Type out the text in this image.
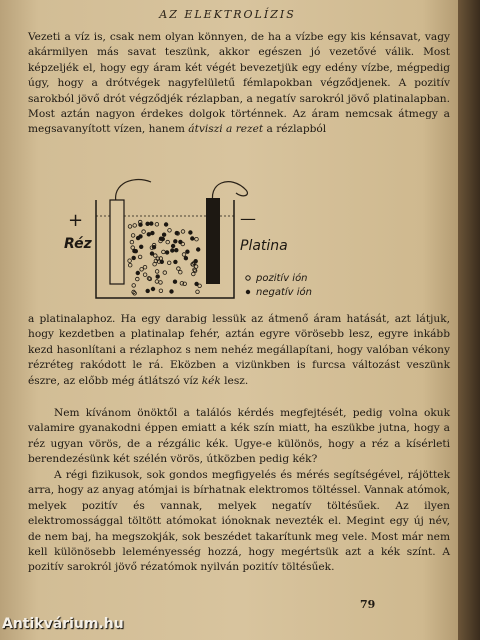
AZ ELEKTROLÍZIS

Vezeti a víz is, csak nem olyan könnyen, de ha a vízbe egy kis kénsavat, vagy akármilyen más savat teszünk, akkor egészen jó vezetővé válik. Most képzeljék el, hogy egy áram két végét bevezetjük egy edény vízbe, mégpedig úgy, hogy a drótvégek nagyfelületű fémlapokban végződjenek. A pozitív sarokból jövő drót végződjék rézlapban, a negatív sarokról jövő platinalapban. Most aztán nagyon érdekes dolgok történnek. Az áram nemcsak átmegy a megsavanyított vízen, hanem átviszi a rezet a rézlapból

+	—
Réz	Platina
pozitív ión
negatív ión

a platinalaphoz. Ha egy darabig lessük az átmenő áram hatását, azt látjuk, hogy kezdetben a platinalap fehér, aztán egyre vörösebb lesz, egyre inkább kezd hasonlítani a rézlaphoz s nem nehéz megállapítani, hogy valóban vékony rézréteg rakódott le rá. Eközben a vizünkben is furcsa változást veszünk észre, az előbb még átlátszó víz kék lesz.

Nem kívánom önöktől a találós kérdés megfejtését, pedig volna okuk valamire gyanakodni éppen emiatt a kék szín miatt, ha eszükbe jutna, hogy a réz ugyan vörös, de a rézgálic kék. Ugye-e különös, hogy a réz a kísérleti berendezésünk két szélén vörös, útközben pedig kék?

A régi fizikusok, sok gondos megfigyelés és mérés segítségével, rájöttek arra, hogy az anyag atómjai is bírhatnak elektromos töltéssel. Vannak atómok, melyek pozitív és vannak, melyek negatív töltésűek. Az ilyen elektromossággal töltött atómokat iónoknak nevezték el. Megint egy új név, de nem baj, ha megszokják, sok beszédet takarítunk meg vele. Most már nem kell különösebb leleményesség hozzá, hogy megértsük azt a kék színt. A pozitív sarokról jövő rézatómok nyilván pozitív töltésűek.

79
Antikvárium.hu
